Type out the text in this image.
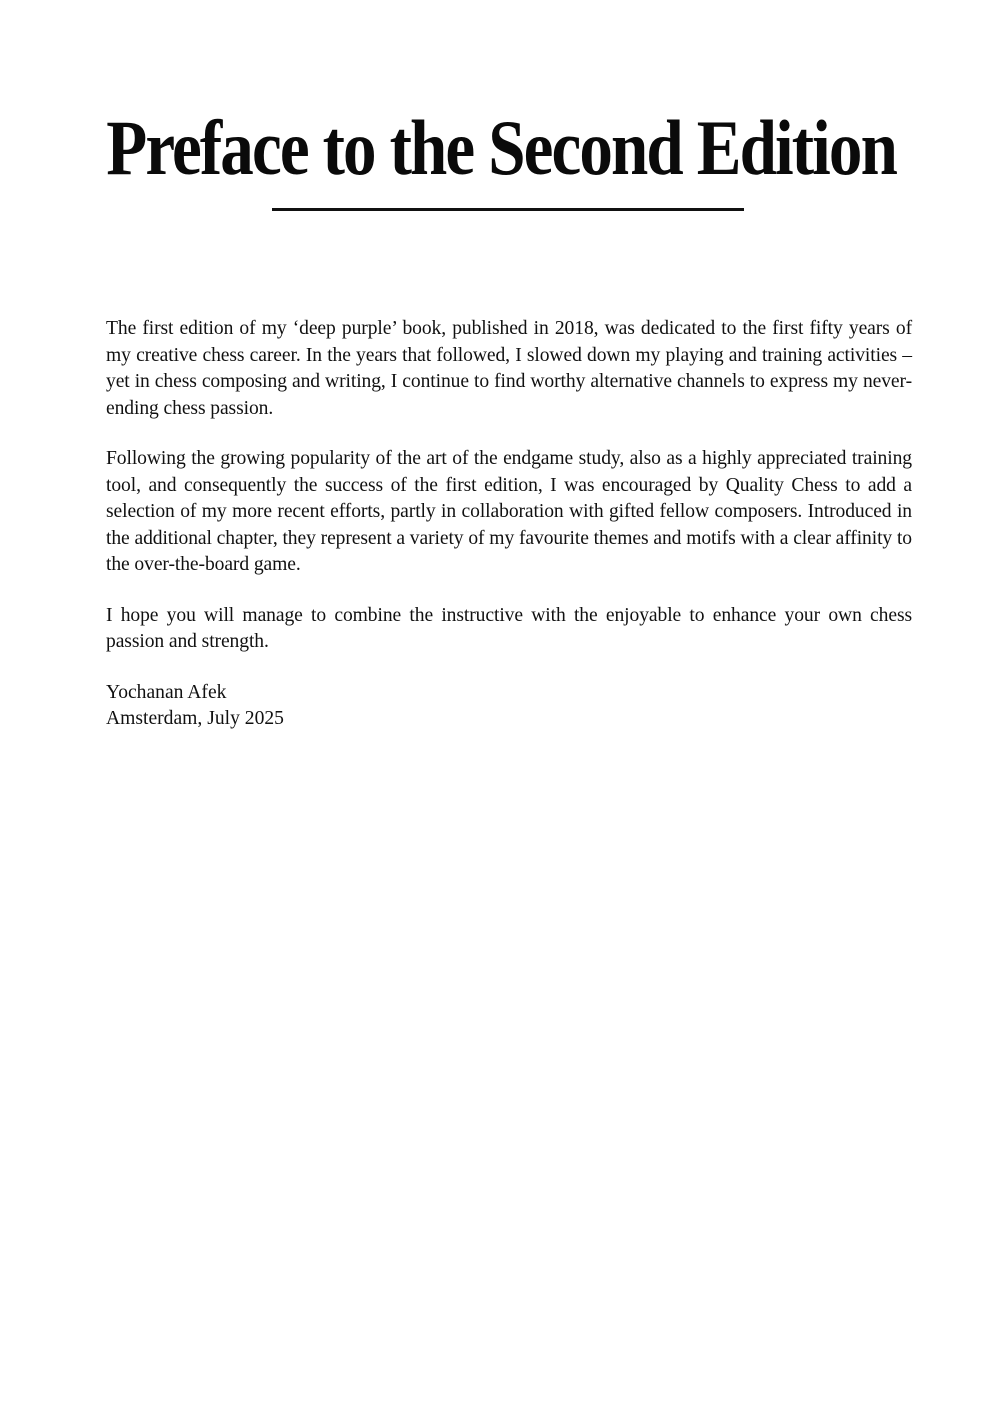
Preface to the Second Edition

The first edition of my ‘deep purple’ book, published in 2018, was dedicated to the first fifty years of my creative chess career. In the years that followed, I slowed down my playing and training activities – yet in chess composing and writing, I continue to find worthy alternative channels to express my never-ending chess passion.

Following the growing popularity of the art of the endgame study, also as a highly appreciated training tool, and consequently the success of the first edition, I was encouraged by Quality Chess to add a selection of my more recent efforts, partly in collaboration with gifted fellow composers. Introduced in the additional chapter, they represent a variety of my favourite themes and motifs with a clear affinity to the over-the-board game.

I hope you will manage to combine the instructive with the enjoyable to enhance your own chess passion and strength.

Yochanan Afek
Amsterdam, July 2025
